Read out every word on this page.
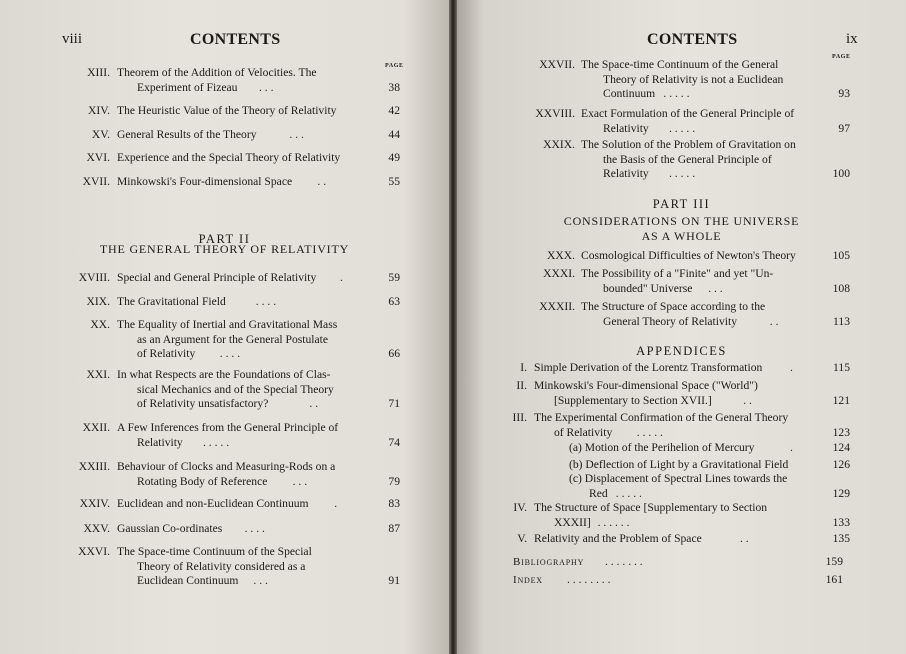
viii	CONTENTS
PAGE
XIII. Theorem of the Addition of Velocities. The
Experiment of Fizeau . . .	38
XIV. The Heuristic Value of the Theory of Relativity	42
XV. General Results of the Theory	. . .	44
XVI. Experience and the Special Theory of Relativity	49
XVII. Minkowski's Four-dimensional Space . .	55
PART II
THE GENERAL THEORY OF RELATIVITY
XVIII. Special and General Principle of Relativity .	59
XIX. The Gravitational Field	. . . .	63
XX. The Equality of Inertial and Gravitational Mass
as an Argument for the General Postulate
of Relativity . . . .	66
XXI. In what Respects are the Foundations of Clas-
sical Mechanics and of the Special Theory
of Relativity unsatisfactory?	. .	71
XXII. A Few Inferences from the General Principle of
Relativity . . . . .	74
XXIII. Behaviour of Clocks and Measuring-Rods on a
Rotating Body of Reference . . .	79
XXIV. Euclidean and non-Euclidean Continuum .	83
XXV. Gaussian Co-ordinates . . . .	87
XXVI. The Space-time Continuum of the Special
Theory of Relativity considered as a
Euclidean Continuum . . .	91
CONTENTS	ix
PAGE
XXVII. The Space-time Continuum of the General
Theory of Relativity is not a Euclidean
Continuum . . . . .	93
XXVIII. Exact Formulation of the General Principle of
Relativity . . . . .	97
XXIX. The Solution of the Problem of Gravitation on
the Basis of the General Principle of
Relativity . . . . .	100
PART III
CONSIDERATIONS ON THE UNIVERSE
AS A WHOLE
XXX. Cosmological Difficulties of Newton's Theory	105
XXXI. The Possibility of a "Finite" and yet "Un-
bounded" Universe . . .	108
XXXII. The Structure of Space according to the
General Theory of Relativity	. .	113
APPENDICES
I. Simple Derivation of the Lorentz Transformation .	115
II. Minkowski's Four-dimensional Space ("World")
[Supplementary to Section XVII.]	. .	121
III. The Experimental Confirmation of the General Theory
of Relativity . . . . .	123
(a) Motion of the Perihelion of Mercury	.	124
(b) Deflection of Light by a Gravitational Field	126
(c) Displacement of Spectral Lines towards the
Red . . . . .	129
IV. The Structure of Space [Supplementary to Section
XXXII] . . . . . .	133
V. Relativity and the Problem of Space	. .	135
Bibliography . . . . . . .	159
Index . . . . . . . .	161
